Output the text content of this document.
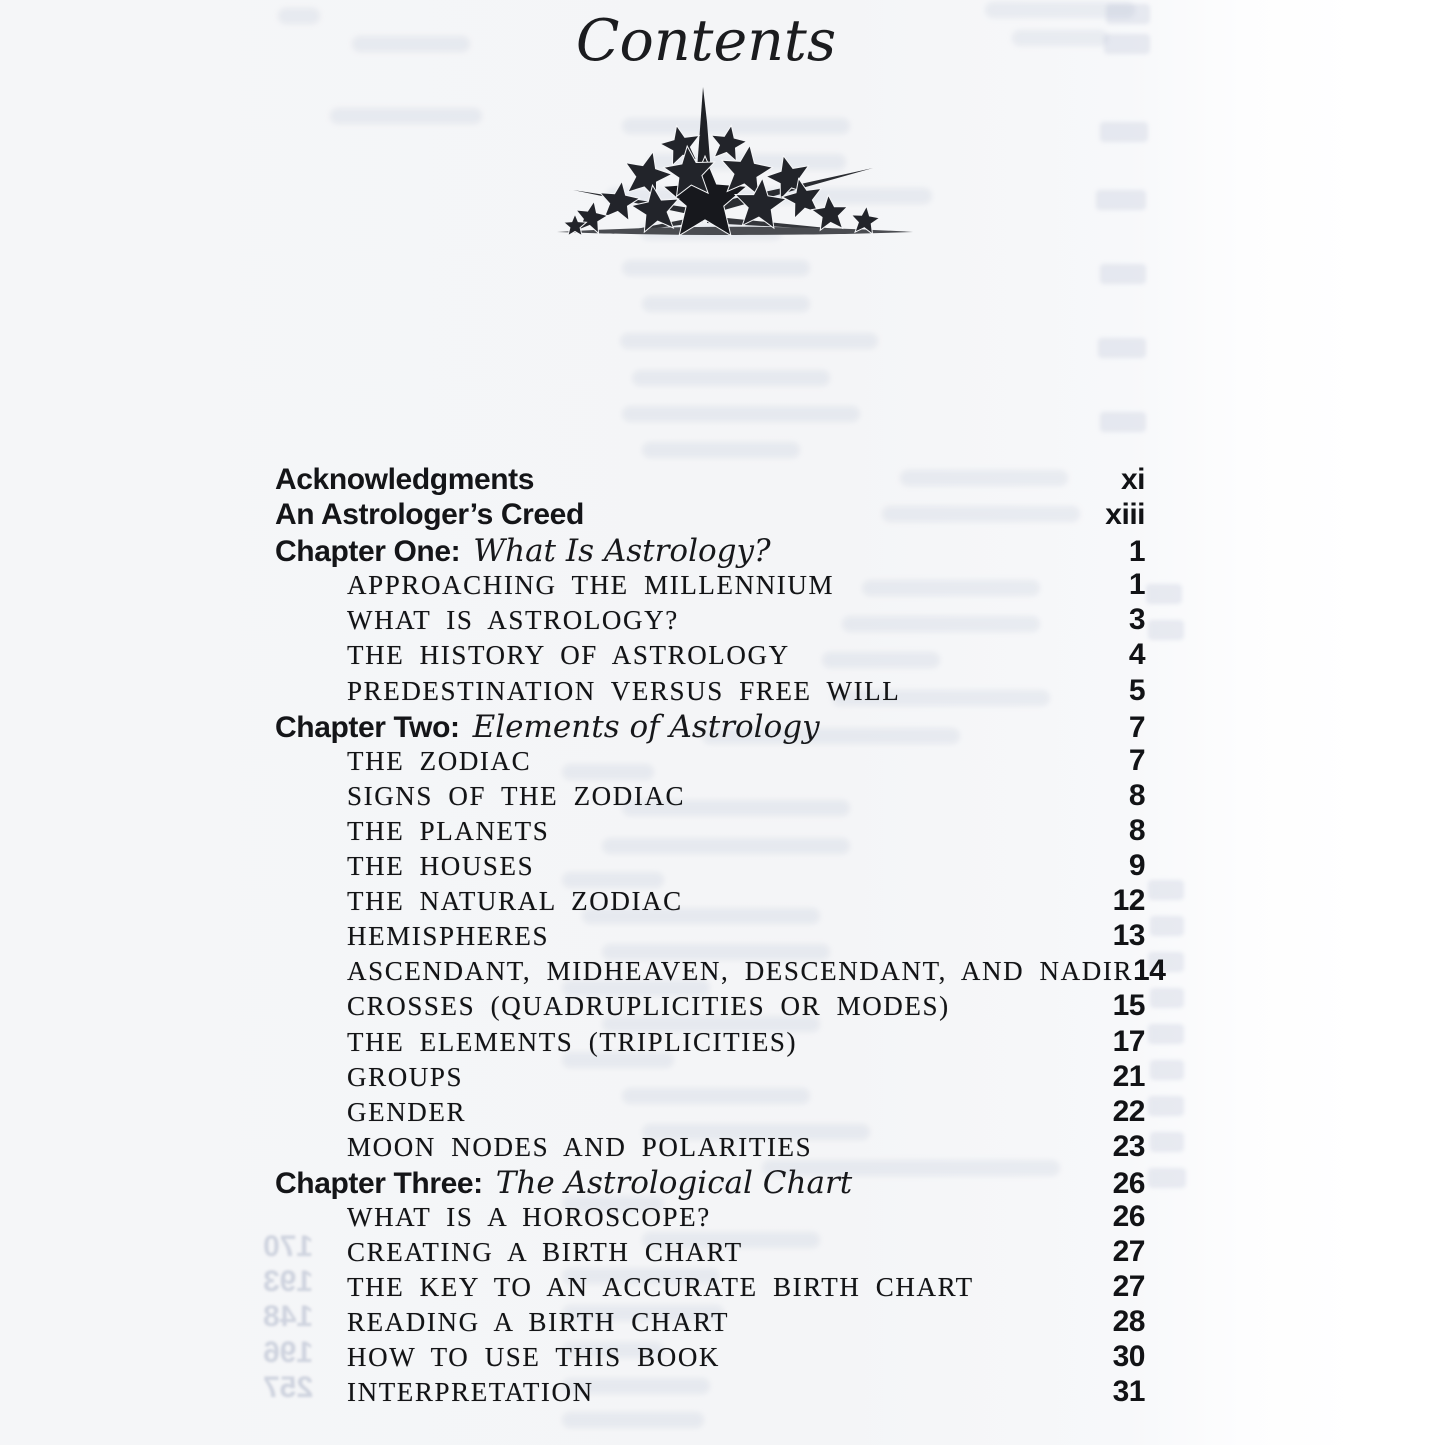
170
193
148
196
257
Contents
Acknowledgments	xi
An Astrologer’s Creed	xiii
Chapter One: What Is Astrology?	1
APPROACHING THE MILLENNIUM	1
WHAT IS ASTROLOGY?	3
THE HISTORY OF ASTROLOGY	4
PREDESTINATION VERSUS FREE WILL	5
Chapter Two: Elements of Astrology	7
THE ZODIAC	7
SIGNS OF THE ZODIAC	8
THE PLANETS	8
THE HOUSES	9
THE NATURAL ZODIAC	12
HEMISPHERES	13
ASCENDANT, MIDHEAVEN, DESCENDANT, AND NADIR 14
CROSSES (QUADRUPLICITIES OR MODES)	15
THE ELEMENTS (TRIPLICITIES)	17
GROUPS	21
GENDER	22
MOON NODES AND POLARITIES	23
Chapter Three: The Astrological Chart	26
WHAT IS A HOROSCOPE?	26
CREATING A BIRTH CHART	27
THE KEY TO AN ACCURATE BIRTH CHART	27
READING A BIRTH CHART	28
HOW TO USE THIS BOOK	30
INTERPRETATION	31
